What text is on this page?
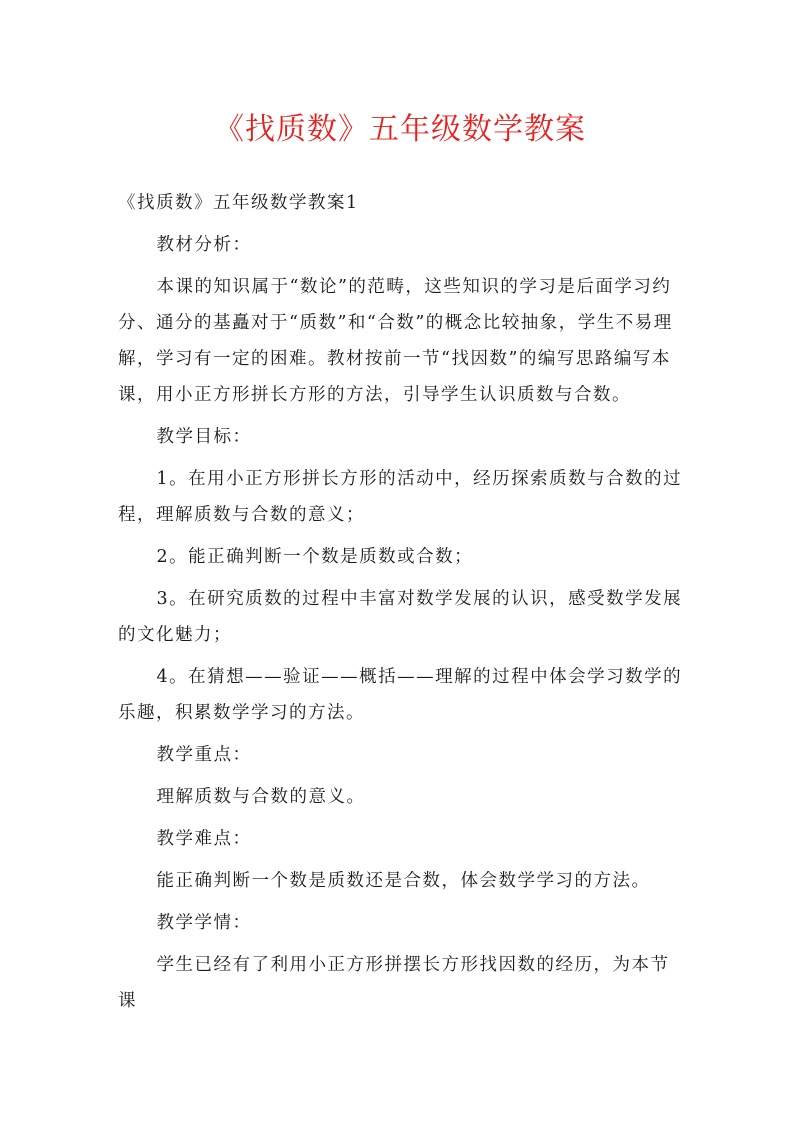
《找质数》五年级数学教案

《找质数》五年级数学教案1

教材分析：

本课的知识属于“数论”的范畴，这些知识的学习是后面学习约分、通分的基矗对于“质数”和“合数”的概念比较抽象，学生不易理解，学习有一定的困难。教材按前一节“找因数”的编写思路编写本课，用小正方形拼长方形的方法，引导学生认识质数与合数。

教学目标：

1。在用小正方形拼长方形的活动中，经历探索质数与合数的过程，理解质数与合数的意义；

2。能正确判断一个数是质数或合数；

3。在研究质数的过程中丰富对数学发展的认识，感受数学发展的文化魅力；

4。在猜想——验证——概括——理解的过程中体会学习数学的乐趣，积累数学学习的方法。

教学重点：

理解质数与合数的意义。

教学难点：

能正确判断一个数是质数还是合数，体会数学学习的方法。

教学学情：

学生已经有了利用小正方形拼摆长方形找因数的经历，为本节课
